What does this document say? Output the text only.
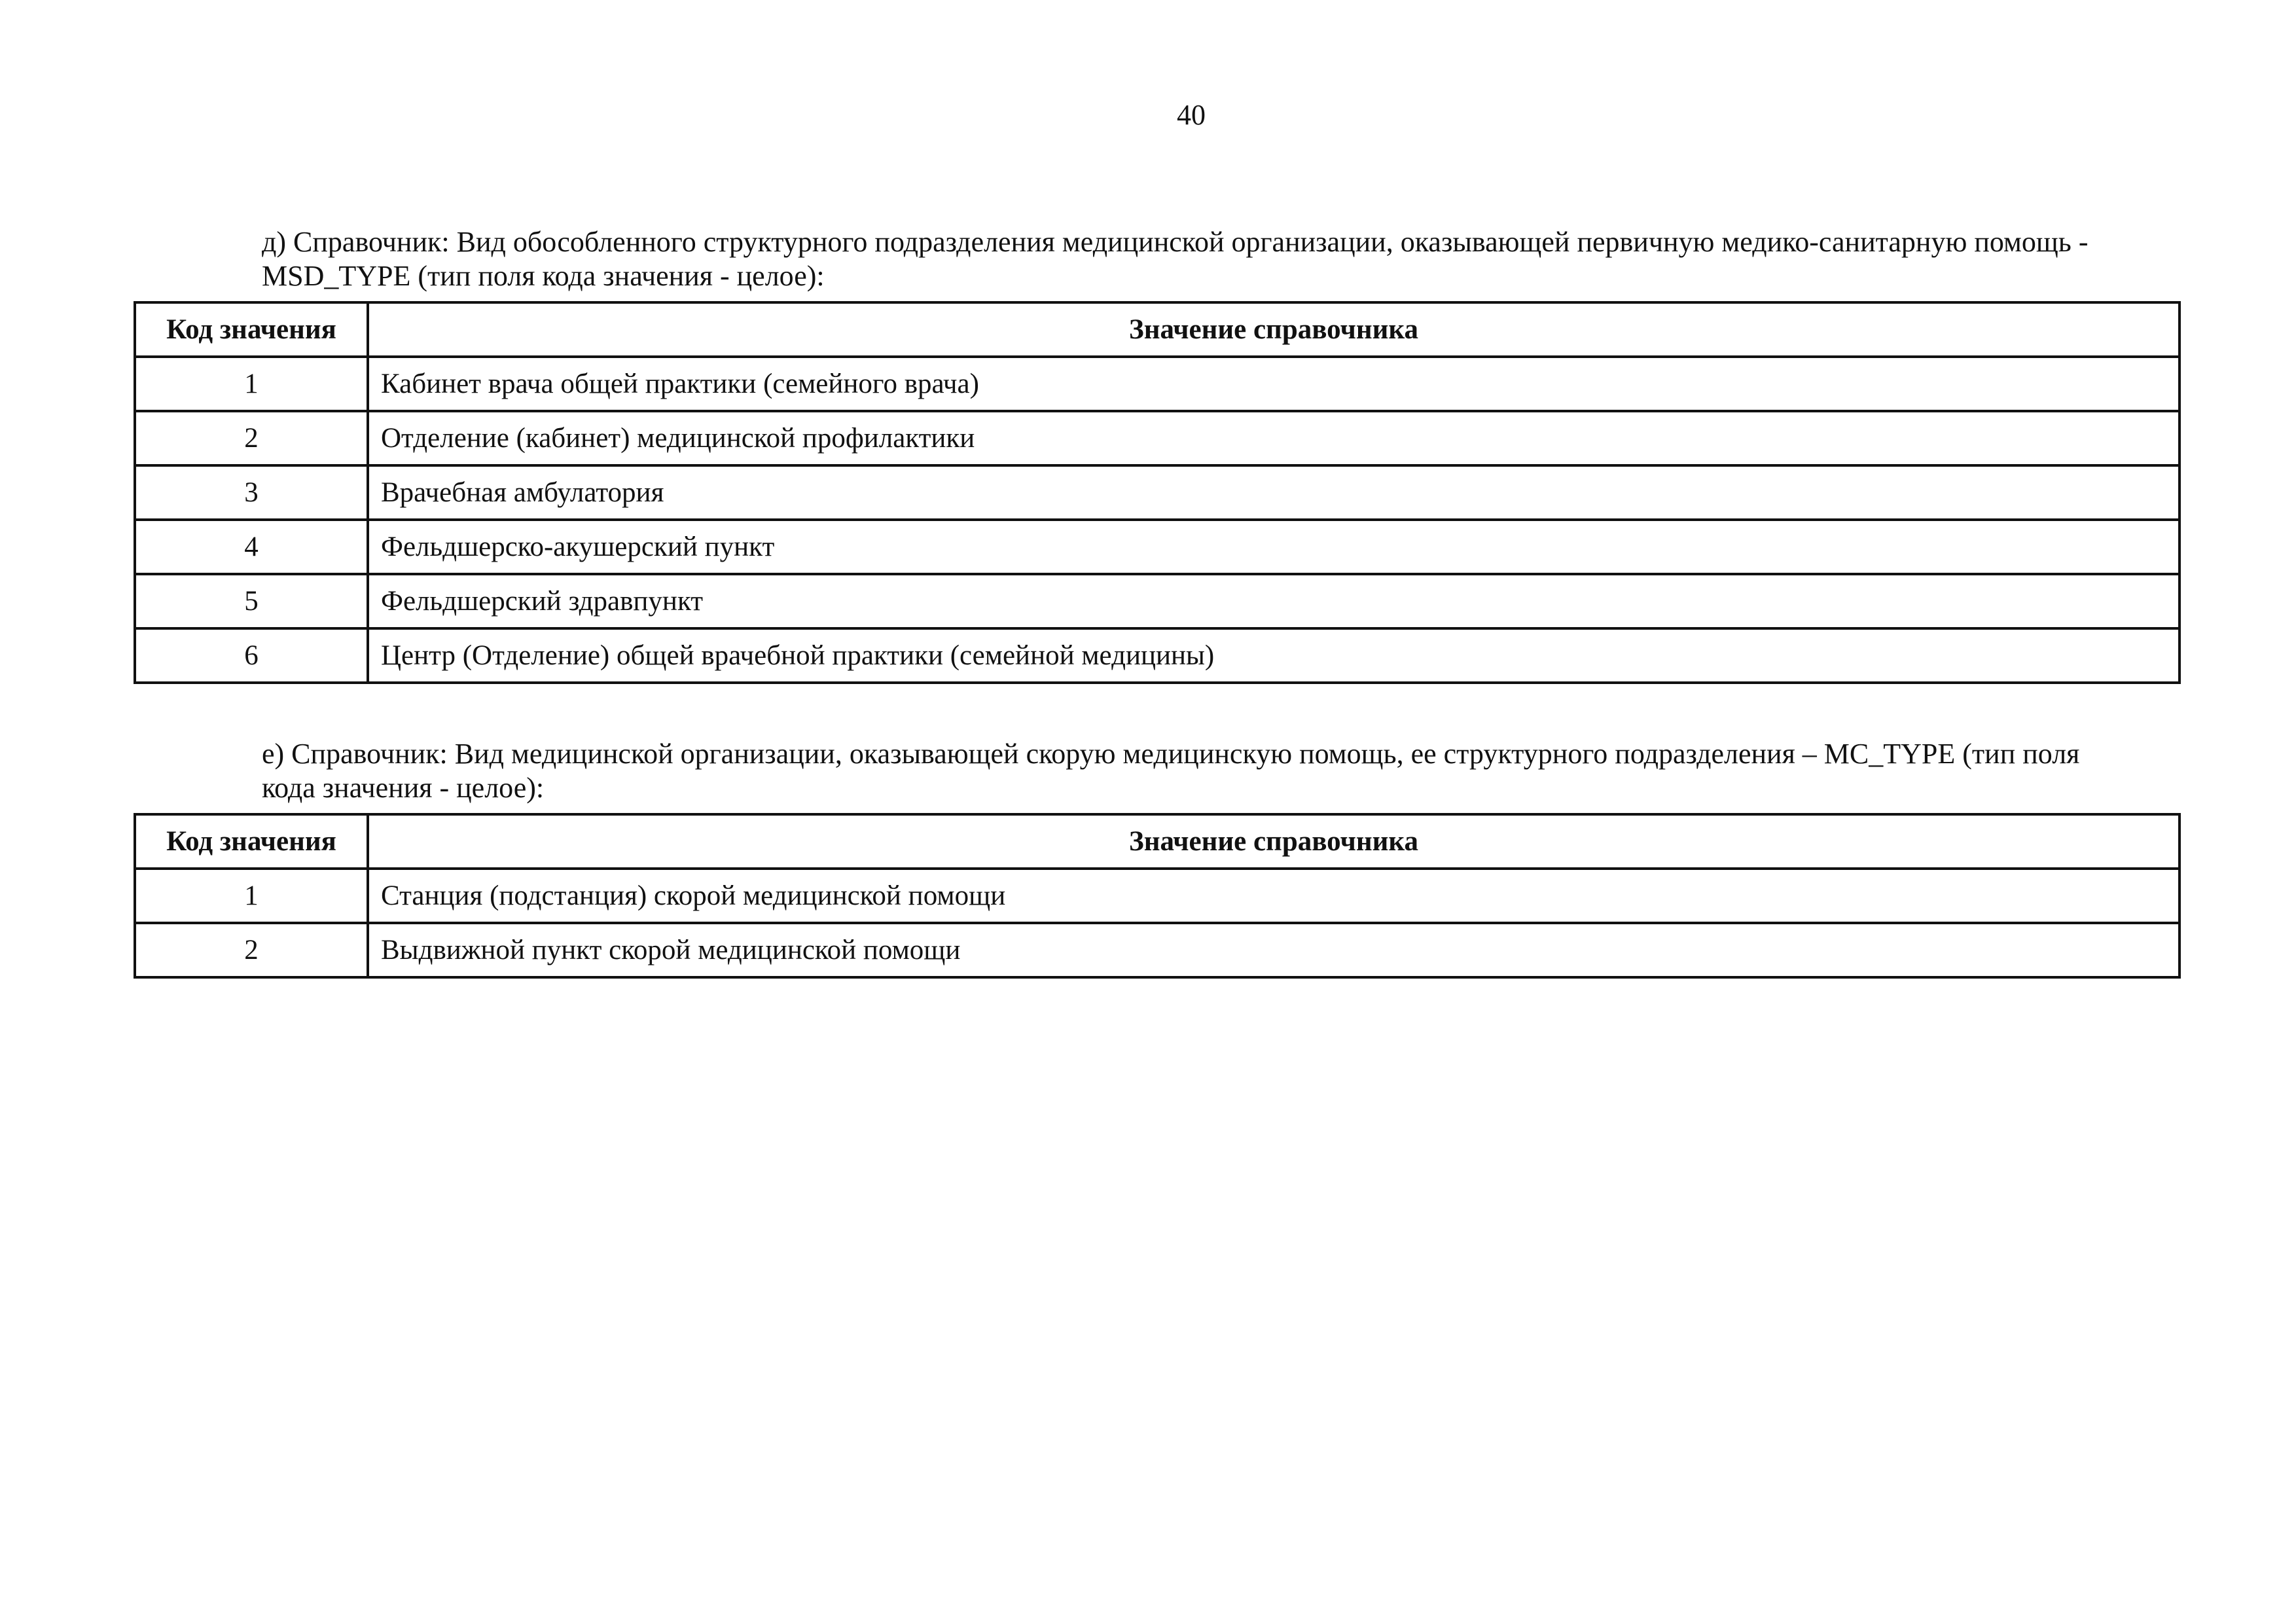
40

д) Справочник: Вид обособленного структурного подразделения медицинской организации, оказывающей первичную медико-санитарную помощь - MSD_TYPE (тип поля кода значения - целое):

Код значения	Значение справочника
1	Кабинет врача общей практики (семейного врача)
2	Отделение (кабинет) медицинской профилактики
3	Врачебная амбулатория
4	Фельдшерско-акушерский пункт
5	Фельдшерский здравпункт
6	Центр (Отделение) общей врачебной практики (семейной медицины)

е) Справочник: Вид медицинской организации, оказывающей скорую медицинскую помощь, ее структурного подразделения – MC_TYPE (тип поля кода значения - целое):

Код значения	Значение справочника
1	Станция (подстанция) скорой медицинской помощи
2	Выдвижной пункт скорой медицинской помощи
